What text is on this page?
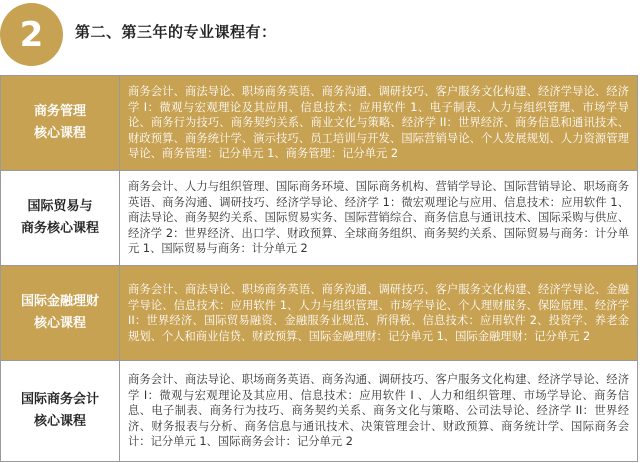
2 第二、第三年的专业课程有：
商务管理
核心课程
商务会计、商法导论、职场商务英语、商务沟通、调研技巧、客户服务文化构建、经济学导论、经济学 I：微观与宏观理论及其应用、信息技术：应用软件 1、电子制表、人力与组织管理、市场学导论、商务行为技巧、商务契约关系、商业文化与策略、经济学 II：世界经济、商务信息和通讯技术、财政预算、商务统计学、演示技巧、员工培训与开发、国际营销导论、个人发展规划、人力资源管理导论、商务管理：记分单元 1、商务管理：记分单元 2
国际贸易与
商务核心课程
商务会计、人力与组织管理、国际商务环境、国际商务机构、营销学导论、国际营销导论、职场商务英语、商务沟通、调研技巧、经济学导论、经济学 1：微宏观理论与应用、信息技术：应用软件 1、商法导论、商务契约关系、国际贸易实务、国际营销综合、商务信息与通讯技术、国际采购与供应、经济学 2：世界经济、出口学、财政预算、全球商务组织、商务契约关系、国际贸易与商务：计分单元 1、国际贸易与商务：计分单元 2
国际金融理财
核心课程
商务会计、商法导论、职场商务英语、商务沟通、调研技巧、客户服务文化构建、经济学导论、金融学导论、信息技术：应用软件 1、人力与组织管理、市场学导论、个人理财服务、保险原理、经济学 II：世界经济、国际贸易融资、金融服务业规范、所得税、信息技术：应用软件 2、投资学、养老金规划、个人和商业信贷、财政预算、国际金融理财：记分单元 1、国际金融理财：记分单元 2
国际商务会计
核心课程
商务会计、商法导论、职场商务英语、商务沟通、调研技巧、客户服务文化构建、经济学导论、经济学 I：微观与宏观理论及其应用、信息技术：应用软件 I 、人力和组织管理、市场学导论、商务信息、电子制表、商务行为技巧、商务契约关系、商务文化与策略、公司法导论、经济学 II：世界经济、财务报表与分析、商务信息与通讯技术、决策管理会计、财政预算、商务统计学、国际商务会计：记分单元 1、国际商务会计：记分单元 2
